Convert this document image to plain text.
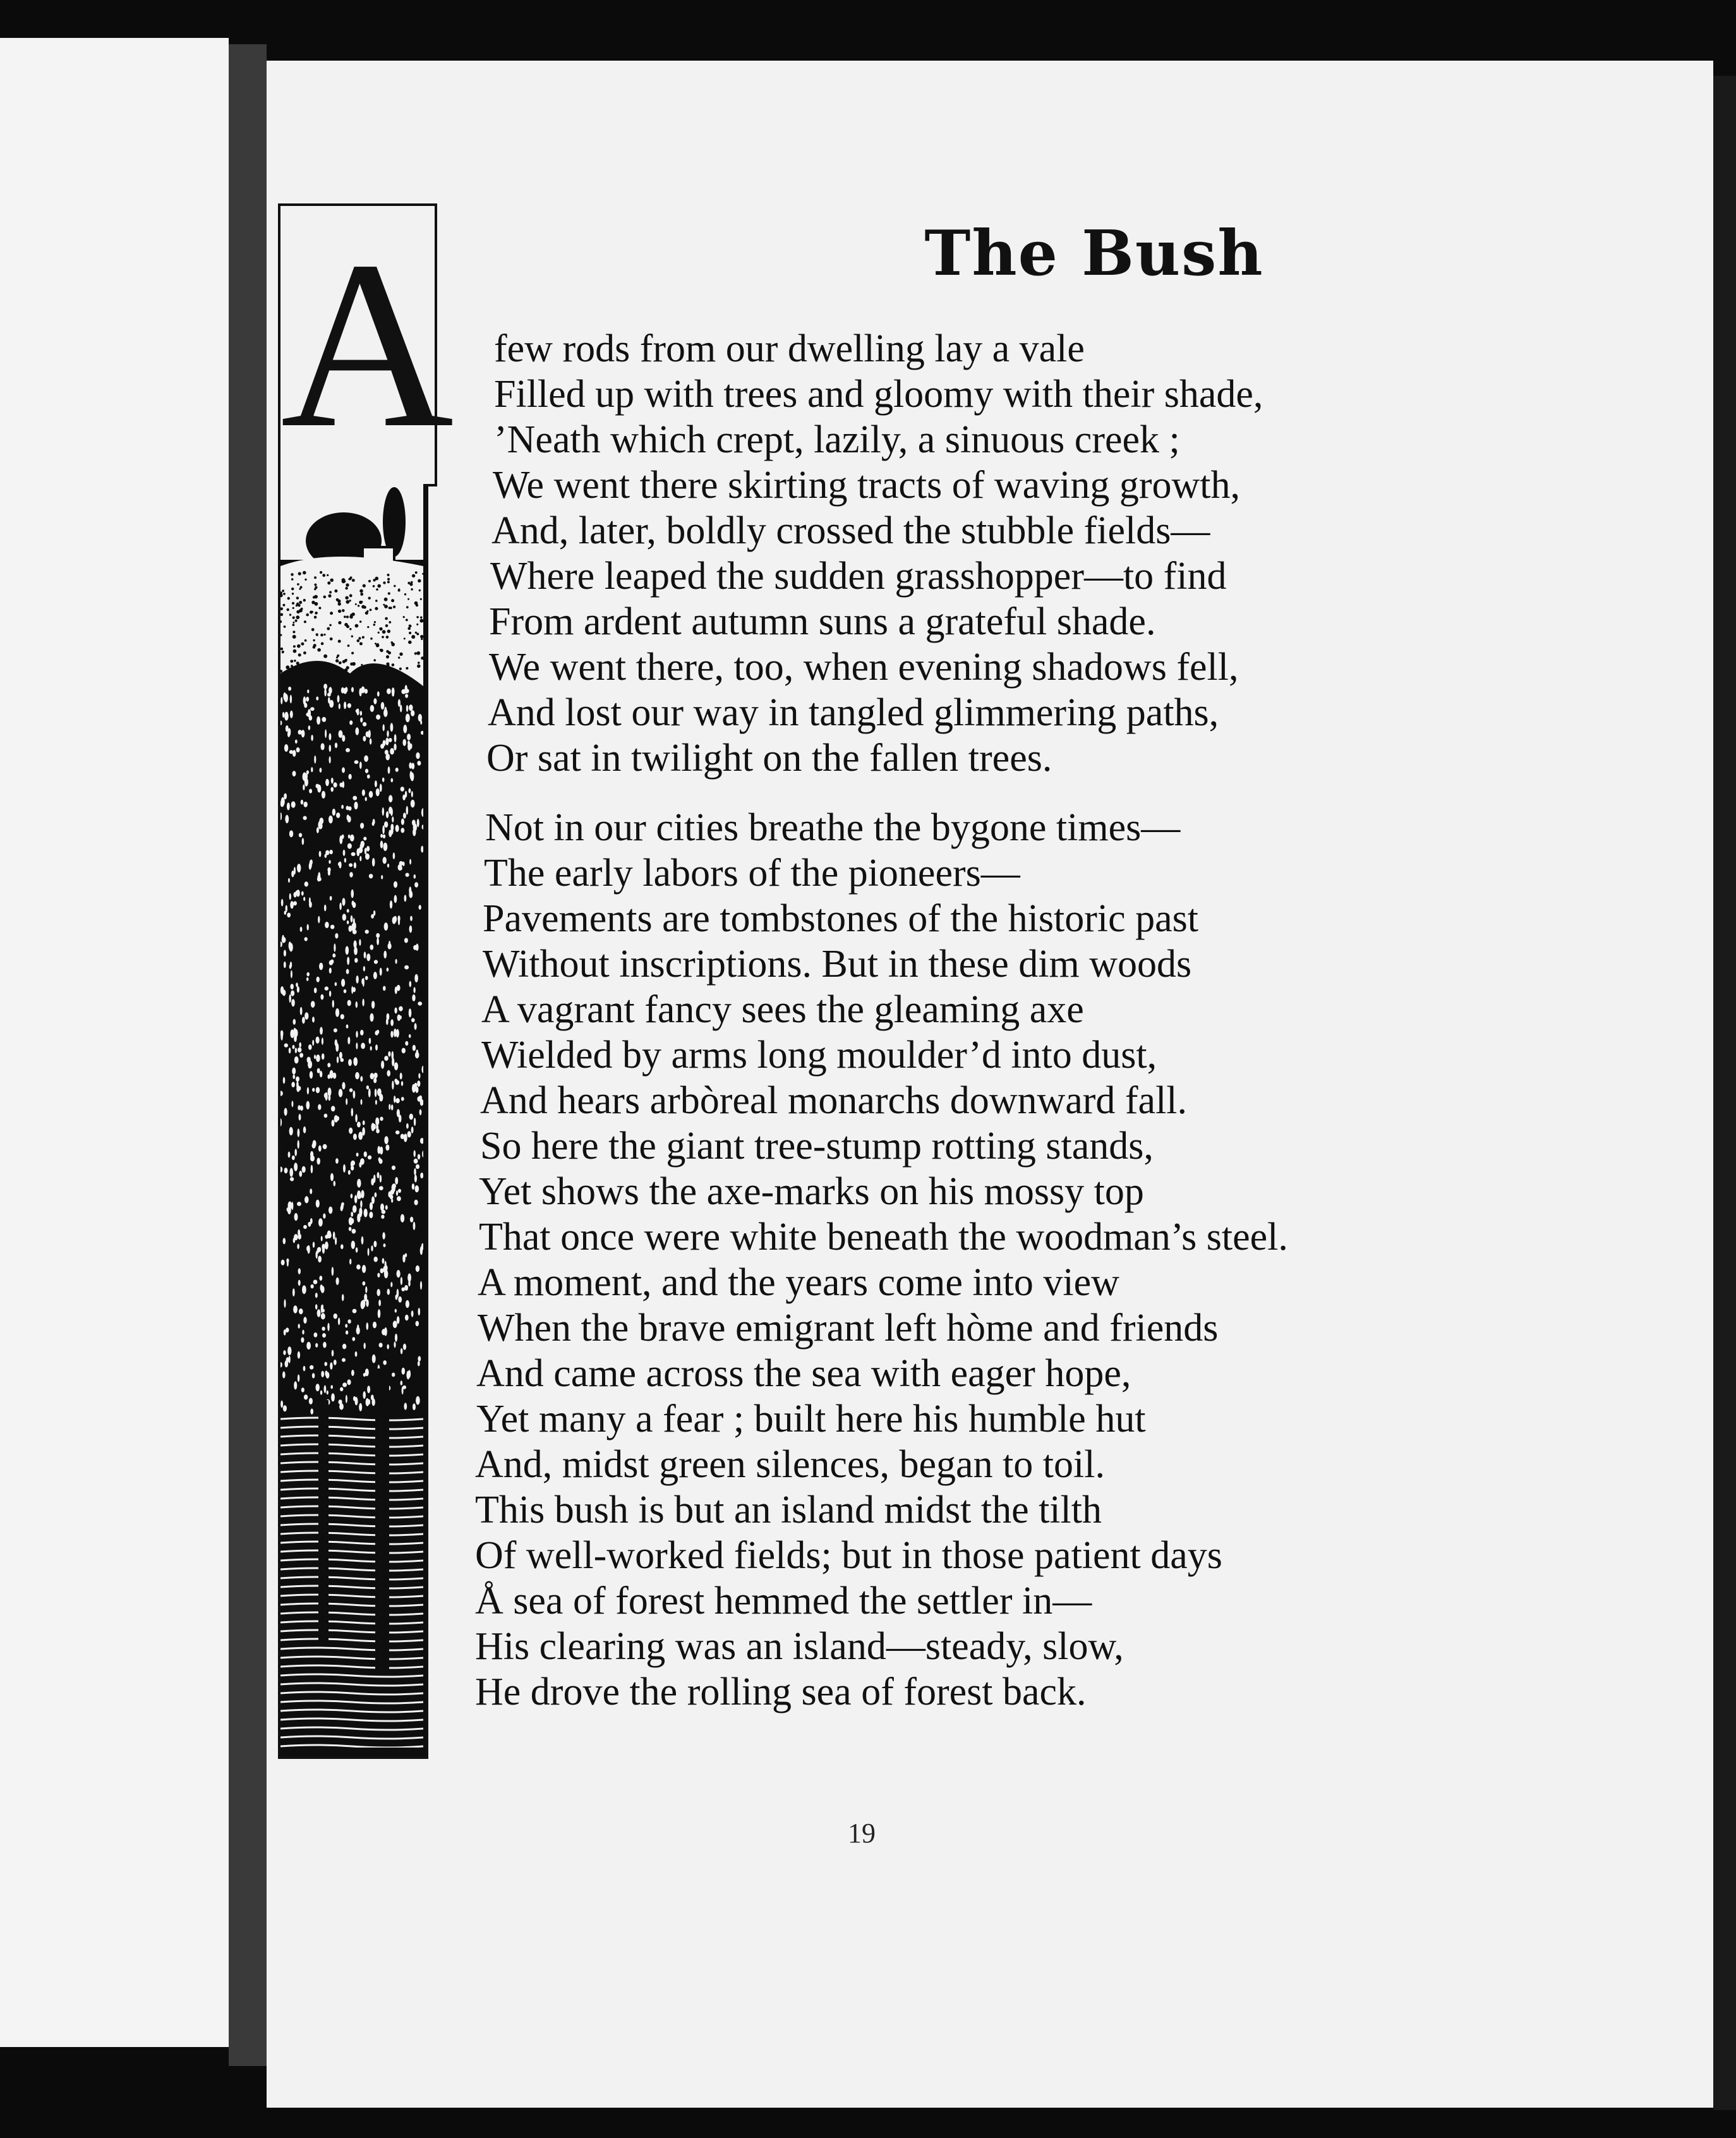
A	The Bush
few rods from our dwelling lay a vale
Filled up with trees and gloomy with their shade,
’Neath which crept, lazily, a sinuous creek ;
We went there skirting tracts of waving growth,
And, later, boldly crossed the stubble fields—
Where leaped the sudden grasshopper—to find
From ardent autumn suns a grateful shade.
We went there, too, when evening shadows fell,
And lost our way in tangled glimmering paths,
Or sat in twilight on the fallen trees.
Not in our cities breathe the bygone times—
The early labors of the pioneers—
Pavements are tombstones of the historic past
Without inscriptions. But in these dim woods
A vagrant fancy sees the gleaming axe
Wielded by arms long moulder’d into dust,
And hears arbòreal monarchs downward fall.
So here the giant tree-stump rotting stands,
Yet shows the axe-marks on his mossy top
That once were white beneath the woodman’s steel.
A moment, and the years come into view
When the brave emigrant left hòme and friends
And came across the sea with eager hope,
Yet many a fear ; built here his humble hut
And, midst green silences, began to toil.
This bush is but an island midst the tilth
Of well-worked fields; but in those patient days
Å sea of forest hemmed the settler in—
His clearing was an island—steady, slow,
He drove the rolling sea of forest back.
19
